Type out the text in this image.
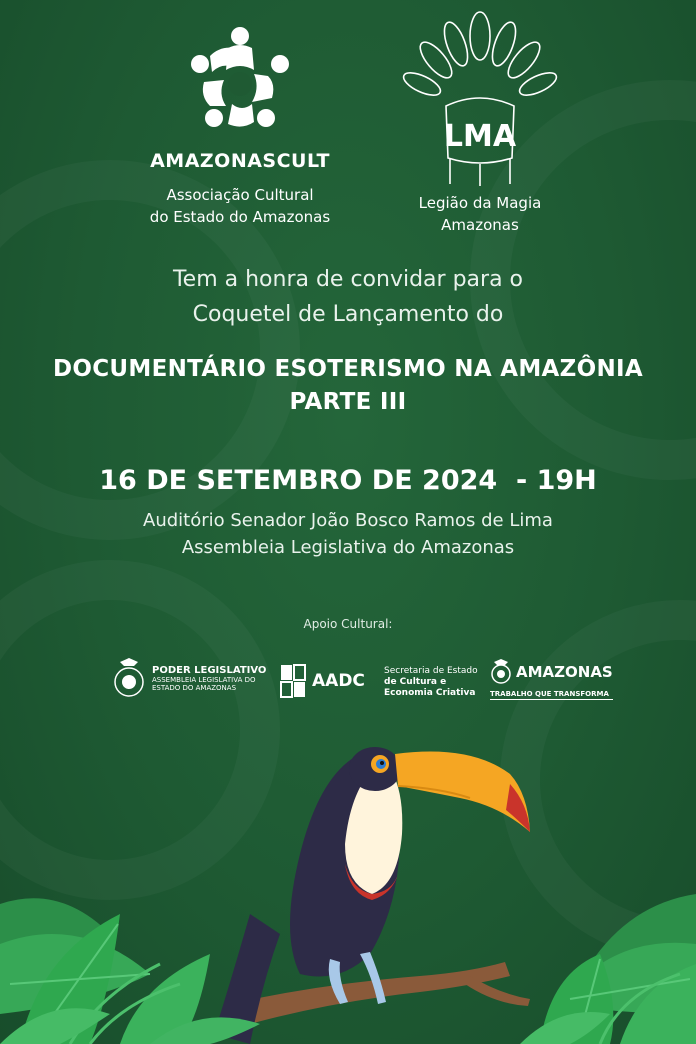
AMAZONASCULT
Associação Cultural
do Estado do Amazonas
LMA
Legião da Magia
Amazonas
Tem a honra de convidar para o
Coquetel de Lançamento do
DOCUMENTÁRIO ESOTERISMO NA AMAZÔNIA
PARTE III
16 DE SETEMBRO DE 2024  - 19H
Auditório Senador João Bosco Ramos de Lima
Assembleia Legislativa do Amazonas
Apoio Cultural:
PODER LEGISLATIVO
ASSEMBLEIA LEGISLATIVA DO
ESTADO DO AMAZONAS	AADC Secretaria de Estado
de Cultura e
Economia Criativa
AMAZONAS
TRABALHO QUE TRANSFORMA
